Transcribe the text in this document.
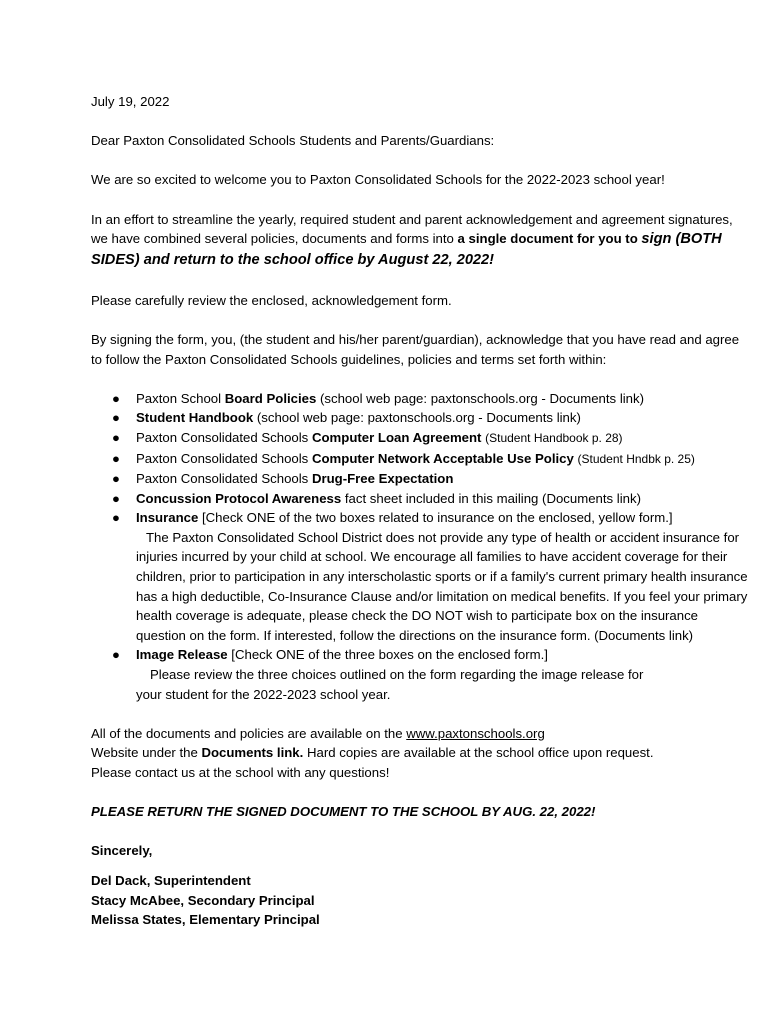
July 19, 2022

Dear Paxton Consolidated Schools Students and Parents/Guardians:

We are so excited to welcome you to Paxton Consolidated Schools for the 2022-2023 school year!

In an effort to streamline the yearly, required student and parent acknowledgement and agreement signatures, we have combined several policies, documents and forms into a single document for you to sign (BOTH SIDES) and return to the school office by August 22, 2022!

Please carefully review the enclosed, acknowledgement form.

By signing the form, you, (the student and his/her parent/guardian), acknowledge that you have read and agree to follow the Paxton Consolidated Schools guidelines, policies and terms set forth within:

● Paxton School Board Policies (school web page: paxtonschools.org - Documents link)
● Student Handbook (school web page: paxtonschools.org - Documents link)
● Paxton Consolidated Schools Computer Loan Agreement (Student Handbook p. 28)
● Paxton Consolidated Schools Computer Network Acceptable Use Policy (Student Hndbk p. 25)
● Paxton Consolidated Schools Drug-Free Expectation
● Concussion Protocol Awareness fact sheet included in this mailing (Documents link)
● Insurance [Check ONE of the two boxes related to insurance on the enclosed, yellow form.]
The Paxton Consolidated School District does not provide any type of health or accident insurance for injuries incurred by your child at school. We encourage all families to have accident coverage for their children, prior to participation in any interscholastic sports or if a family's current primary health insurance has a high deductible, Co-Insurance Clause and/or limitation on medical benefits. If you feel your primary health coverage is adequate, please check the DO NOT wish to participate box on the insurance question on the form. If interested, follow the directions on the insurance form. (Documents link)
● Image Release [Check ONE of the three boxes on the enclosed form.]
Please review the three choices outlined on the form regarding the image release for
your student for the 2022-2023 school year.

All of the documents and policies are available on the www.paxtonschools.org
Website under the Documents link. Hard copies are available at the school office upon request.
Please contact us at the school with any questions!

PLEASE RETURN THE SIGNED DOCUMENT TO THE SCHOOL BY AUG. 22, 2022!

Sincerely,

Del Dack, Superintendent

Stacy McAbee, Secondary Principal

Melissa States, Elementary Principal
